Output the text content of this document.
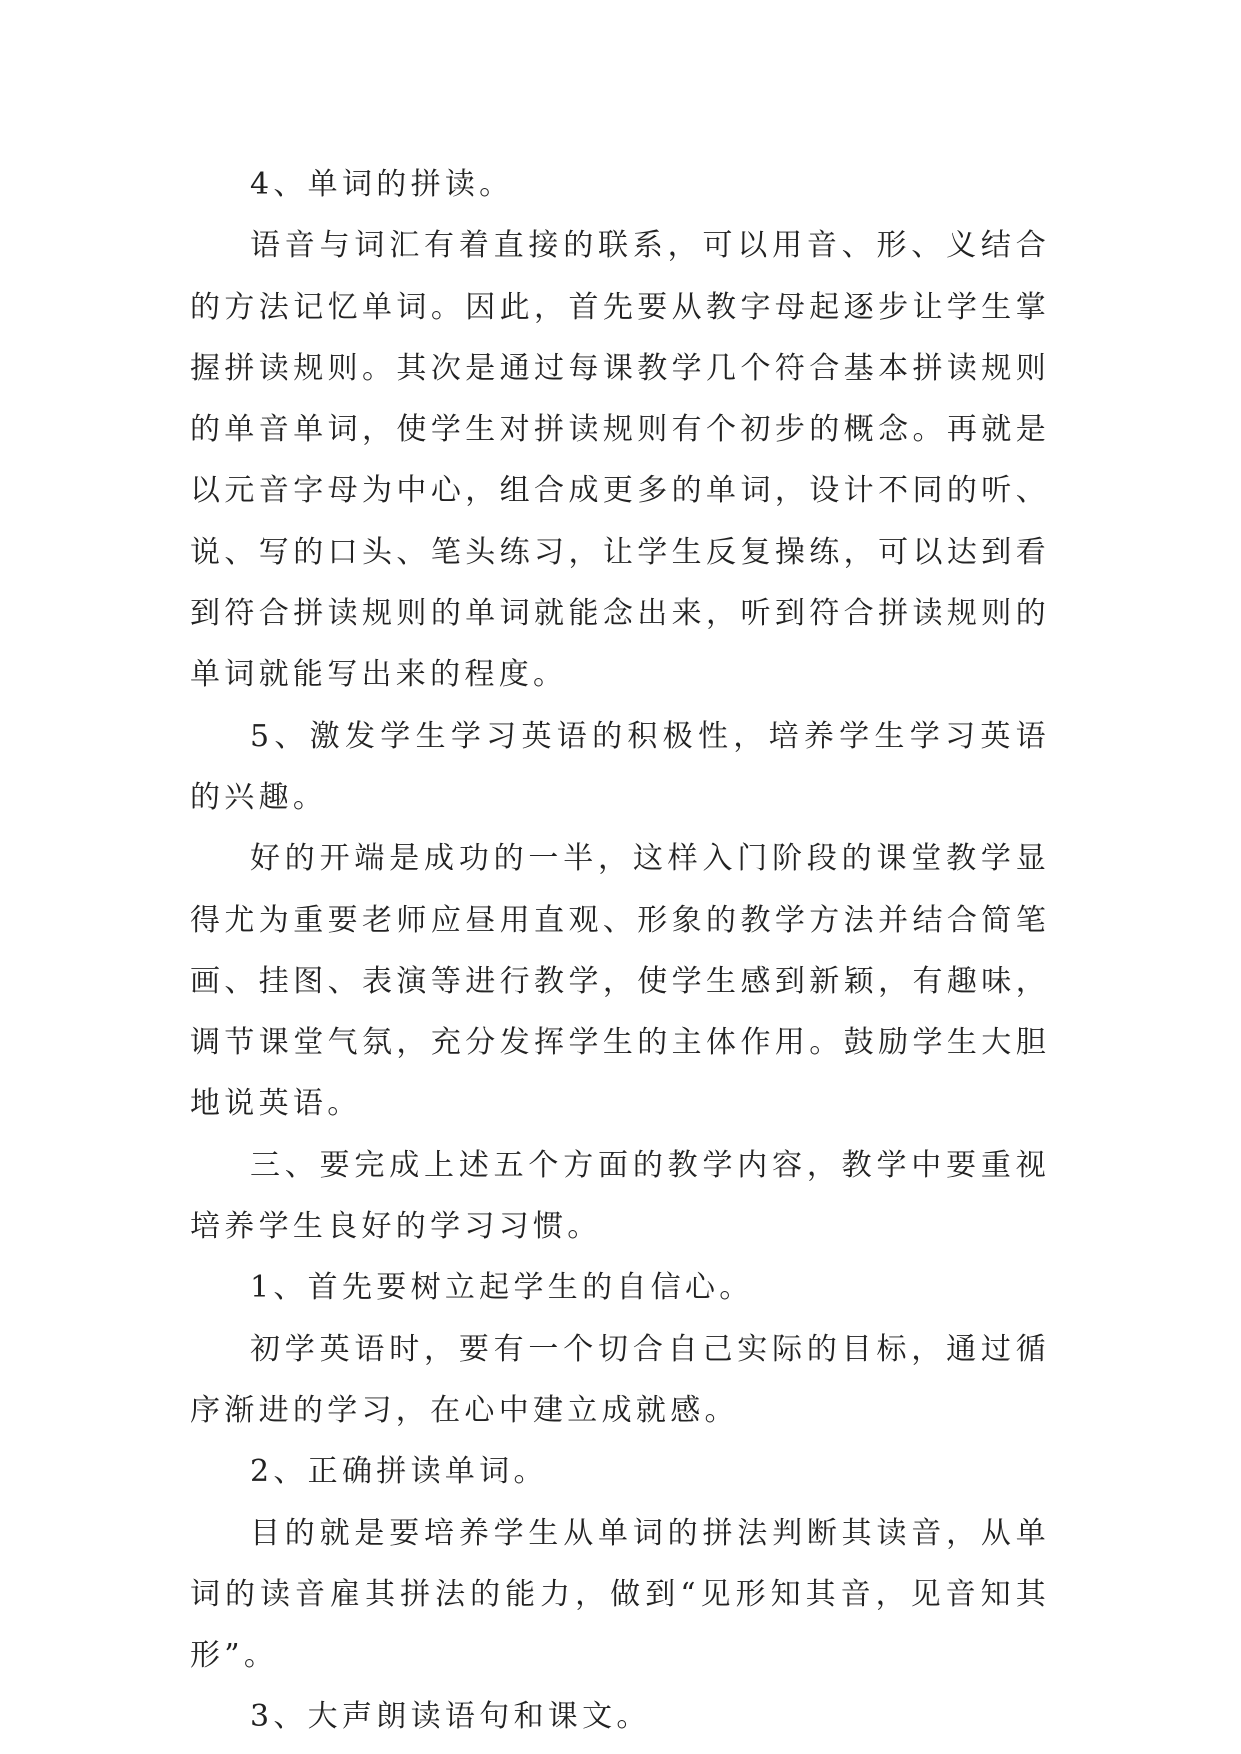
4、单词的拼读。

语音与词汇有着直接的联系，可以用音、形、义结合的方法记忆单词。因此，首先要从教字母起逐步让学生掌握拼读规则。其次是通过每课教学几个符合基本拼读规则的单音单词，使学生对拼读规则有个初步的概念。再就是以元音字母为中心，组合成更多的单词，设计不同的听、说、写的口头、笔头练习，让学生反复操练，可以达到看到符合拼读规则的单词就能念出来，听到符合拼读规则的单词就能写出来的程度。

5、激发学生学习英语的积极性，培养学生学习英语的兴趣。

好的开端是成功的一半，这样入门阶段的课堂教学显得尤为重要老师应昼用直观、形象的教学方法并结合简笔画、挂图、表演等进行教学，使学生感到新颖，有趣味，调节课堂气氛，充分发挥学生的主体作用。鼓励学生大胆地说英语。

三、要完成上述五个方面的教学内容，教学中要重视培养学生良好的学习习惯。

1、首先要树立起学生的自信心。

初学英语时，要有一个切合自己实际的目标，通过循序渐进的学习，在心中建立成就感。

2、正确拼读单词。

目的就是要培养学生从单词的拼法判断其读音，从单词的读音雇其拼法的能力，做到“见形知其音，见音知其形”。

3、大声朗读语句和课文。
